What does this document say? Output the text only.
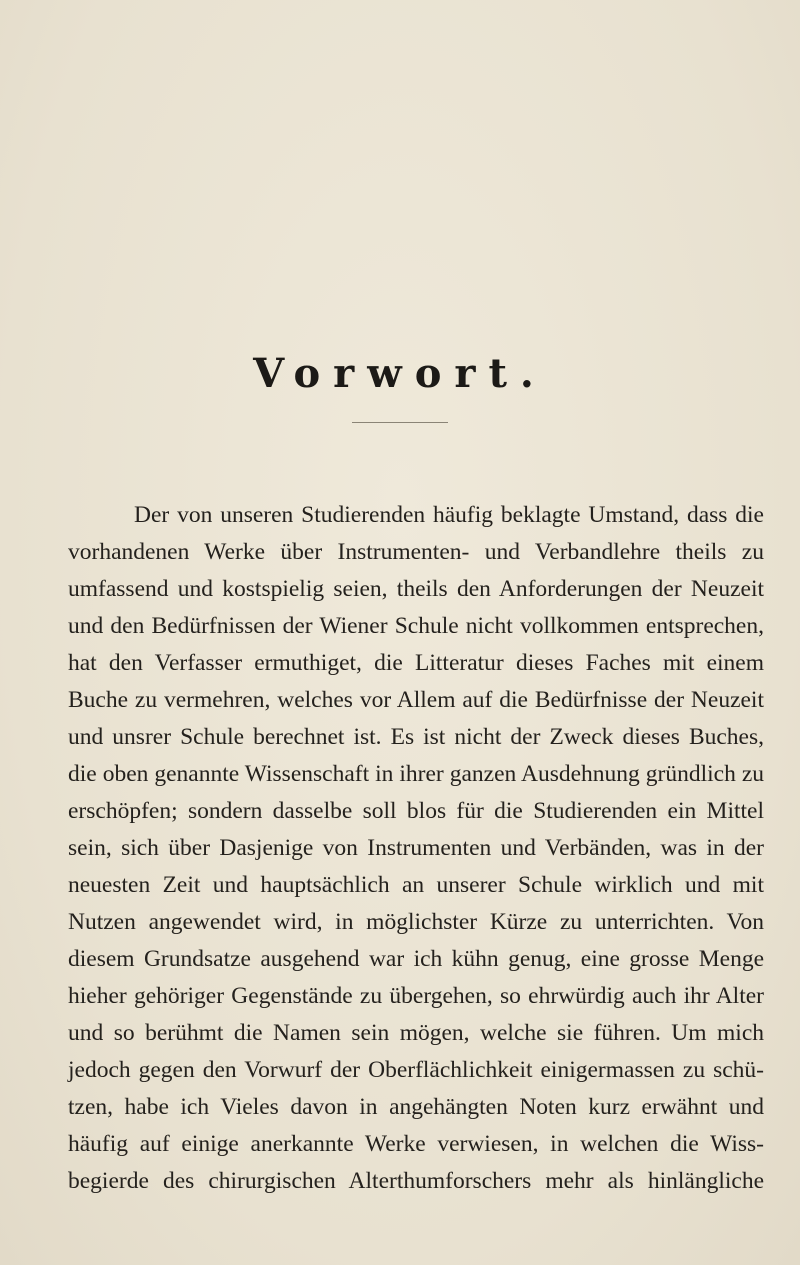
Vorwort.
Der von unseren Studierenden häufig beklagte Umstand, dass die
vorhandenen Werke über Instrumenten- und Verbandlehre theils zu
umfassend und kostspielig seien, theils den Anforderungen der Neuzeit
und den Bedürfnissen der Wiener Schule nicht vollkommen entsprechen,
hat den Verfasser ermuthiget, die Litteratur dieses Faches mit einem
Buche zu vermehren, welches vor Allem auf die Bedürfnisse der Neuzeit
und unsrer Schule berechnet ist. Es ist nicht der Zweck dieses Buches,
die oben genannte Wissenschaft in ihrer ganzen Ausdehnung gründlich zu
erschöpfen; sondern dasselbe soll blos für die Studierenden ein Mittel
sein, sich über Dasjenige von Instrumenten und Verbänden, was in der
neuesten Zeit und hauptsächlich an unserer Schule wirklich und mit
Nutzen angewendet wird, in möglichster Kürze zu unterrichten. Von
diesem Grundsatze ausgehend war ich kühn genug, eine grosse Menge
hieher gehöriger Gegenstände zu übergehen, so ehrwürdig auch ihr Alter
und so berühmt die Namen sein mögen, welche sie führen. Um mich
jedoch gegen den Vorwurf der Oberflächlichkeit einigermassen zu schü-
tzen, habe ich Vieles davon in angehängten Noten kurz erwähnt und
häufig auf einige anerkannte Werke verwiesen, in welchen die Wiss-
begierde des chirurgischen Alterthumforschers mehr als hinlängliche
